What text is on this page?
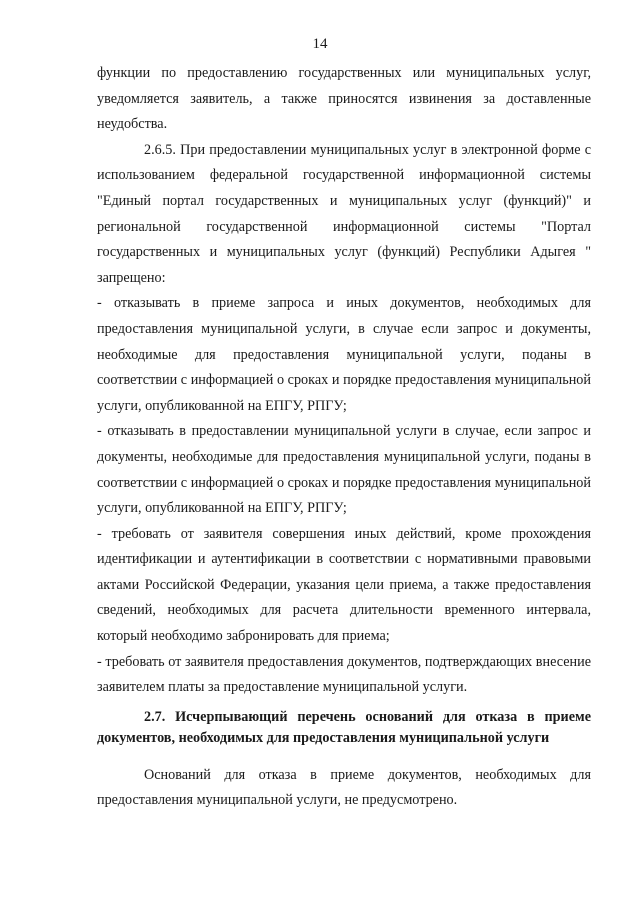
14

функции по предоставлению государственных или муниципальных услуг, уведомляется заявитель, а также приносятся извинения за доставленные неудобства.

2.6.5. При предоставлении муниципальных услуг в электронной форме с использованием федеральной государственной информационной системы "Единый портал государственных и муниципальных услуг (функций)" и региональной государственной информационной системы "Портал государственных и муниципальных услуг (функций) Республики Адыгея " запрещено:

- отказывать в приеме запроса и иных документов, необходимых для предоставления муниципальной услуги, в случае если запрос и документы, необходимые для предоставления муниципальной услуги, поданы в соответствии с информацией о сроках и порядке предоставления муниципальной услуги, опубликованной на ЕПГУ, РПГУ;

- отказывать в предоставлении муниципальной услуги в случае, если запрос и документы, необходимые для предоставления муниципальной услуги, поданы в соответствии с информацией о сроках и порядке предоставления муниципальной услуги, опубликованной на ЕПГУ, РПГУ;

- требовать от заявителя совершения иных действий, кроме прохождения идентификации и аутентификации в соответствии с нормативными правовыми актами Российской Федерации, указания цели приема, а также предоставления сведений, необходимых для расчета длительности временного интервала, который необходимо забронировать для приема;

- требовать от заявителя предоставления документов, подтверждающих внесение заявителем платы за предоставление муниципальной услуги.

2.7. Исчерпывающий перечень оснований для отказа в приеме документов, необходимых для предоставления муниципальной услуги

Оснований для отказа в приеме документов, необходимых для предоставления муниципальной услуги, не предусмотрено.
